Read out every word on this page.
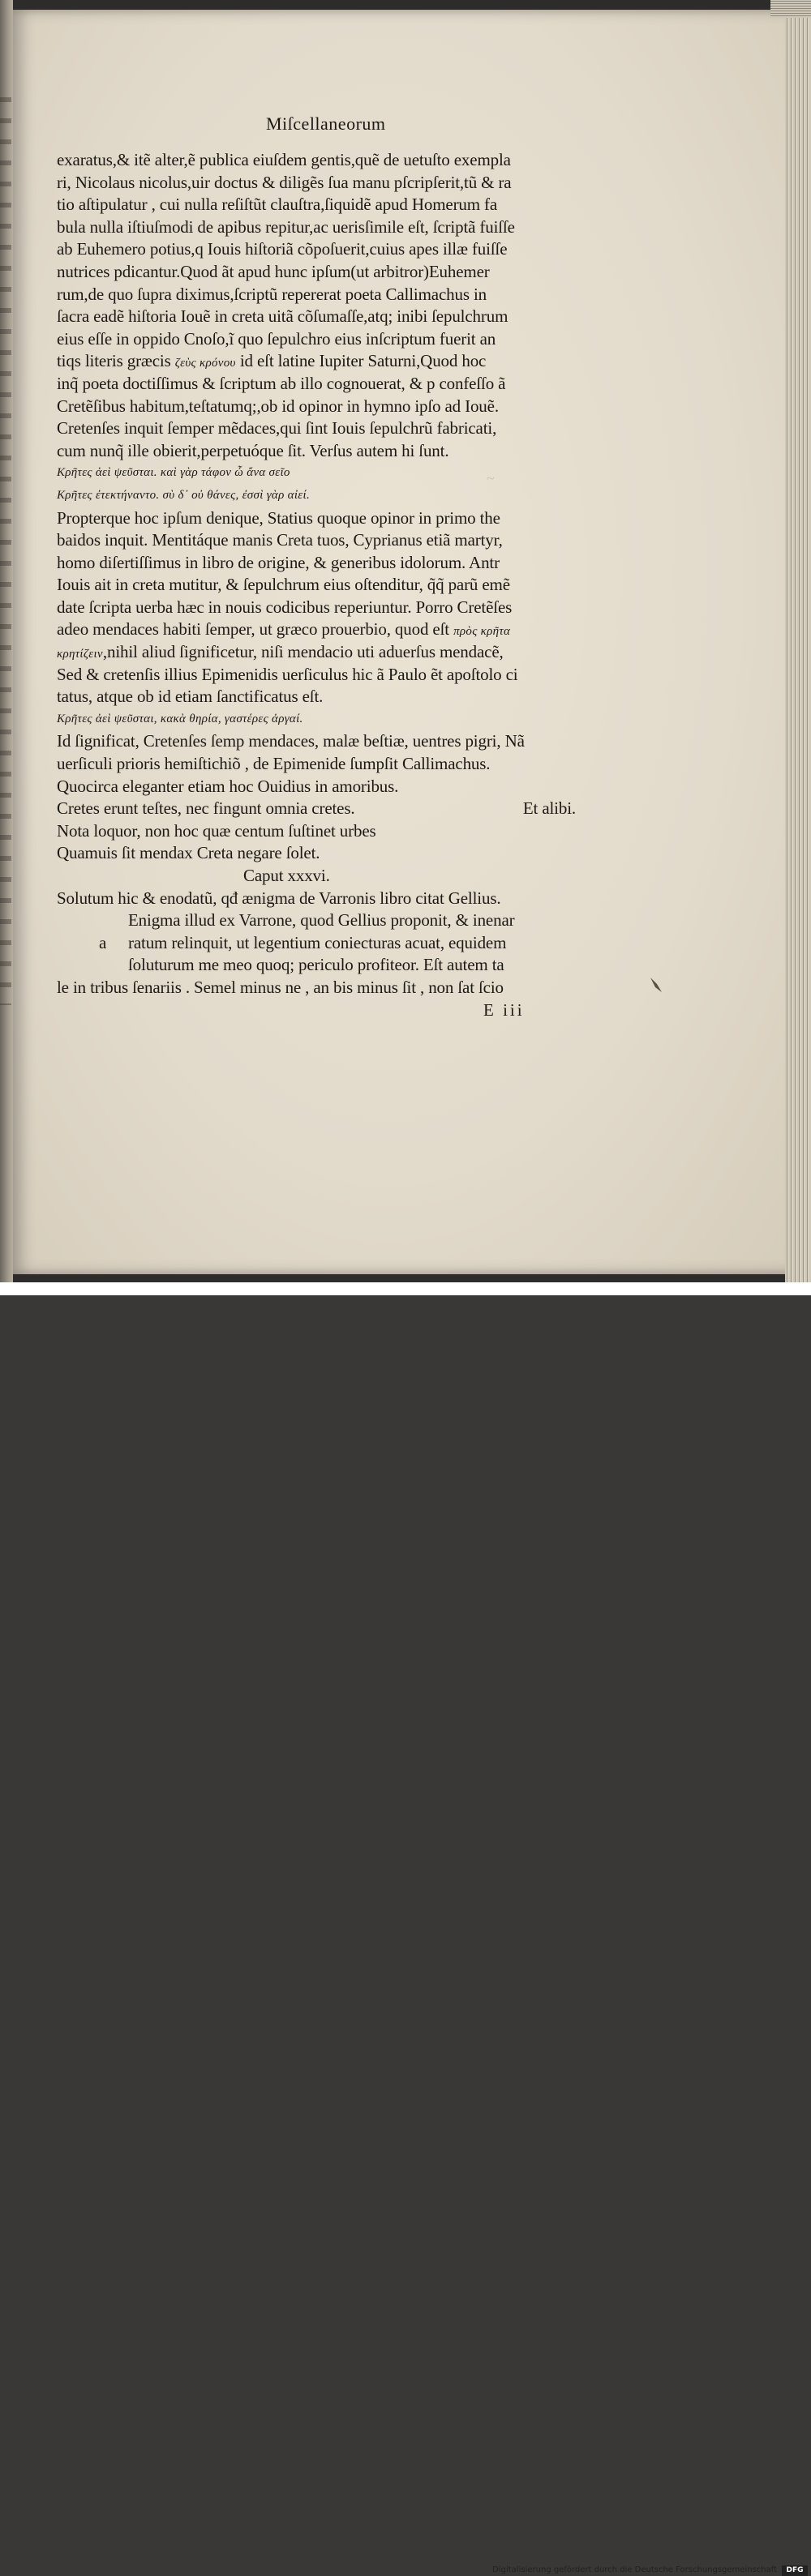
~
Miſcellaneorum
exaratus,& itẽ alter,ẽ publica eiuſdem gentis,quẽ de uetuſto exempla
ri, Nicolaus nicolus,uir doctus & diligẽs ſua manu pſcripſerit,tũ & ra
tio aſtipulatur , cui nulla reſiſtũt clauſtra,ſiquidẽ apud Homerum fa
bula nulla iſtiuſmodi de apibus repitur,ac uerisſimile eſt, ſcriptã fuiſſe
ab Euhemero potius,q Iouis hiſtoriã cõpoſuerit,cuius apes illæ fuiſſe
nutrices pdicantur.Quod ãt apud hunc ipſum(ut arbitror)Euhemer
rum,de quo ſupra diximus,ſcriptũ repererat poeta Callimachus in
ſacra eadẽ hiſtoria Iouẽ in creta uitã cõſumaſſe,atq; inibi ſepulchrum
eius eſſe in oppido Cnoſo,ĩ quo ſepulchro eius inſcriptum fuerit an
tiqs literis græcis ζεὺς κρόνου id eſt latine Iupiter Saturni,Quod hoc
inq̃ poeta doctiſſimus & ſcriptum ab illo cognouerat, & p confeſſo ã
Cretẽſibus habitum,teſtatumq;,ob id opinor in hymno ipſo ad Iouẽ.
Cretenſes inquit ſemper mẽdaces,qui ſint Iouis ſepulchrũ fabricati,
cum nunq̃ ille obierit,perpetuóque ſit. Verſus autem hi ſunt.
Κρῆτες ἀεὶ ψεῦσται. καὶ γὰρ τάφον ὦ ἄνα σεῖο
Κρῆτες ἐτεκτήναντο. σὺ δ᾽ οὐ θάνες, ἐσσὶ γὰρ αἰεί.
Propterque hoc ipſum denique, Statius quoque opinor in primo the
baidos inquit. Mentitáque manis Creta tuos, Cyprianus etiã martyr,
homo diſertiſſimus in libro de origine, & generibus idolorum. Antr
Iouis ait in creta mutitur, & ſepulchrum eius oſtenditur, q̃q̃ parũ emẽ
date ſcripta uerba hæc in nouis codicibus reperiuntur. Porro Cretẽſes
adeo mendaces habiti ſemper, ut græco prouerbio, quod eſt πρὸς κρῆτα
κρητίζειν,nihil aliud ſignificetur, niſi mendacio uti aduerſus mendacẽ,
Sed & cretenſis illius Epimenidis uerſiculus hic ã Paulo ẽt apoſtolo ci
tatus, atque ob id etiam ſanctificatus eſt.
Κρῆτες ἀεὶ ψεῦσται, κακὰ θηρία, γαστέρες ἀργαί.
Id ſignificat, Cretenſes ſemp mendaces, malæ beſtiæ, uentres pigri, Nã
uerſiculi prioris hemiſtichiõ , de Epimenide ſumpſit Callimachus.
Quocirca eleganter etiam hoc Ouidius in amoribus.
Cretes erunt teſtes, nec fingunt omnia cretes.	Et alibi.
Nota loquor, non hoc quæ centum ſuſtinet urbes
Quamuis ſit mendax Creta negare ſolet.
Caput xxxvi.
Solutum hic & enodatũ, qđ ænigma de Varronis libro citat Gellius.
Enigma illud ex Varrone, quod Gellius proponit, & inenar
a ratum relinquit, ut legentium coniecturas acuat, equidem
ſoluturum me meo quoq; periculo profiteor. Eſt autem ta
le in tribus ſenariis . Semel minus ne , an bis minus ſit , non ſat ſcio
E iii
Digitalisierung gefördert durch die Deutsche Forschungsgemeinschaft	DFG
